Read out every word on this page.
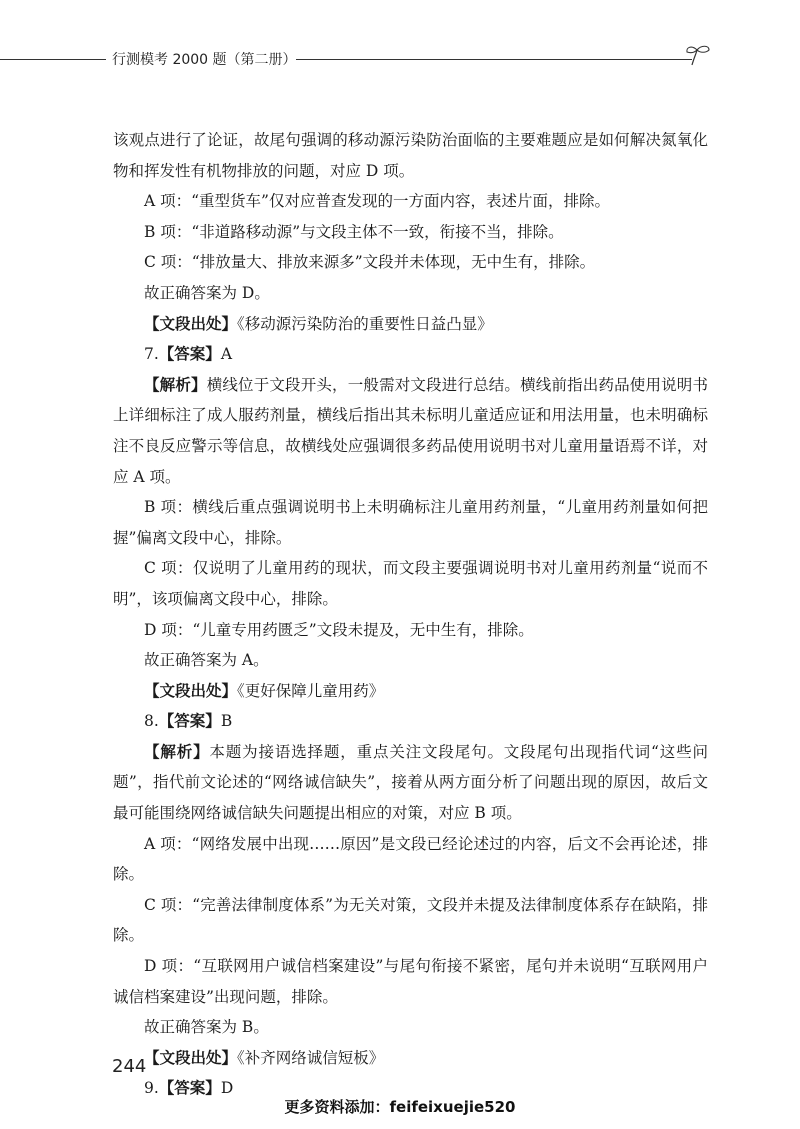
行测模考 2000 题（第二册）

该观点进行了论证，故尾句强调的移动源污染防治面临的主要难题应是如何解决氮氧化物和挥发性有机物排放的问题，对应 D 项。

A 项：“重型货车”仅对应普查发现的一方面内容，表述片面，排除。

B 项：“非道路移动源”与文段主体不一致，衔接不当，排除。

C 项：“排放量大、排放来源多”文段并未体现，无中生有，排除。

故正确答案为 D。

【文段出处】《移动源污染防治的重要性日益凸显》

7.【答案】A

【解析】横线位于文段开头，一般需对文段进行总结。横线前指出药品使用说明书上详细标注了成人服药剂量，横线后指出其未标明儿童适应证和用法用量，也未明确标注不良反应警示等信息，故横线处应强调很多药品使用说明书对儿童用量语焉不详，对应 A 项。

B 项：横线后重点强调说明书上未明确标注儿童用药剂量，“儿童用药剂量如何把握”偏离文段中心，排除。

C 项：仅说明了儿童用药的现状，而文段主要强调说明书对儿童用药剂量“说而不明”，该项偏离文段中心，排除。

D 项：“儿童专用药匮乏”文段未提及，无中生有，排除。

故正确答案为 A。

【文段出处】《更好保障儿童用药》

8.【答案】B

【解析】本题为接语选择题，重点关注文段尾句。文段尾句出现指代词“这些问题”，指代前文论述的“网络诚信缺失”，接着从两方面分析了问题出现的原因，故后文最可能围绕网络诚信缺失问题提出相应的对策，对应 B 项。

A 项：“网络发展中出现……原因”是文段已经论述过的内容，后文不会再论述，排除。

C 项：“完善法律制度体系”为无关对策，文段并未提及法律制度体系存在缺陷，排除。

D 项：“互联网用户诚信档案建设”与尾句衔接不紧密，尾句并未说明“互联网用户诚信档案建设”出现问题，排除。

故正确答案为 B。

【文段出处】《补齐网络诚信短板》

9.【答案】D

244
更多资料添加：feifeixuejie520
